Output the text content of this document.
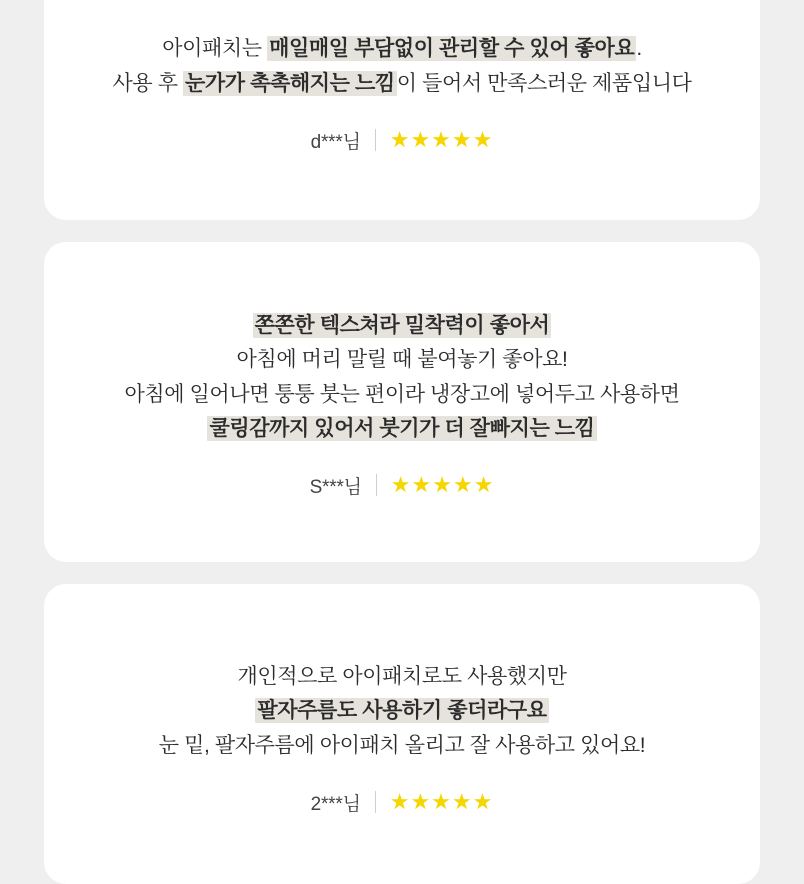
아이패치는 매일매일 부담없이 관리할 수 있어 좋아요.
사용 후 눈가가 촉촉해지는 느낌이 들어서 만족스러운 제품입니다
d***님 ★★★★★
쫀쫀한 텍스쳐라 밀착력이 좋아서
아침에 머리 말릴 때 붙여놓기 좋아요!
아침에 일어나면 퉁퉁 붓는 편이라 냉장고에 넣어두고 사용하면
쿨링감까지 있어서 붓기가 더 잘빠지는 느낌
S***님 ★★★★★
개인적으로 아이패치로도 사용했지만
팔자주름도 사용하기 좋더라구요
눈 밑, 팔자주름에 아이패치 올리고 잘 사용하고 있어요!
2***님 ★★★★★
